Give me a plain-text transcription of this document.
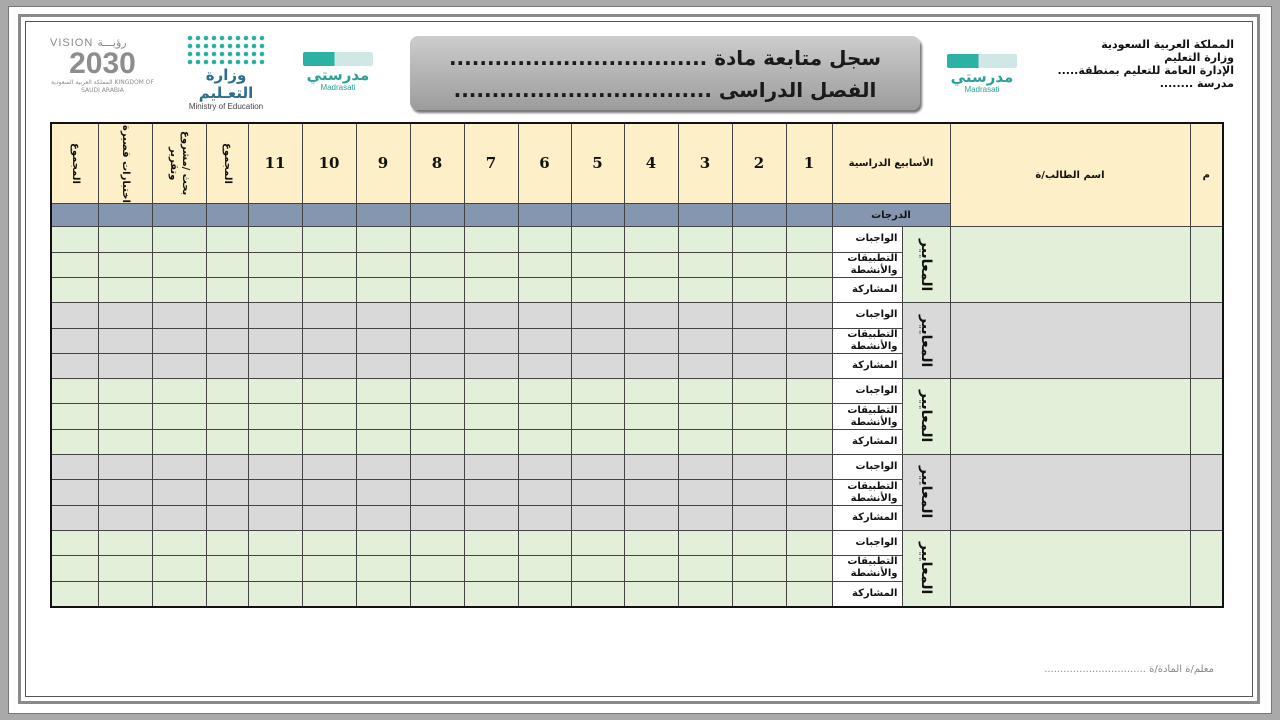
VISION رؤيـــة
2030
المملكة العربية السعودية KINGDOM OF SAUDI ARABIA
وزارة التعـليم
Ministry of Education
مدرستي
Madrasati
سجل متابعة مادة ..................................
الفصل الدراسى ..................................
مدرستي
Madrasati
المملكة العربية السعودية
وزارة التعليم
الإدارة العامة للتعليم بمنطقة.....
مدرسة ........
المجموع	اختبارات قصيرة	بحث /مشروع وتقرير	المجموع	11	10	9	8	7	6	5	4	3	2	1	الأسابيع الدراسية		اسم الطالب/ة	م

															الدرجات			

															الواجبات	المعايير		

															التطبيقات والأنشطة			

															المشاركة			

															الواجبات	المعايير		

															التطبيقات والأنشطة			

															المشاركة			

															الواجبات	المعايير		

															التطبيقات والأنشطة			

															المشاركة			

															الواجبات	المعايير		

															التطبيقات والأنشطة			

															المشاركة			

															الواجبات	المعايير		

															التطبيقات والأنشطة			

															المشاركة			
معلم/ة المادة/ة ................................
